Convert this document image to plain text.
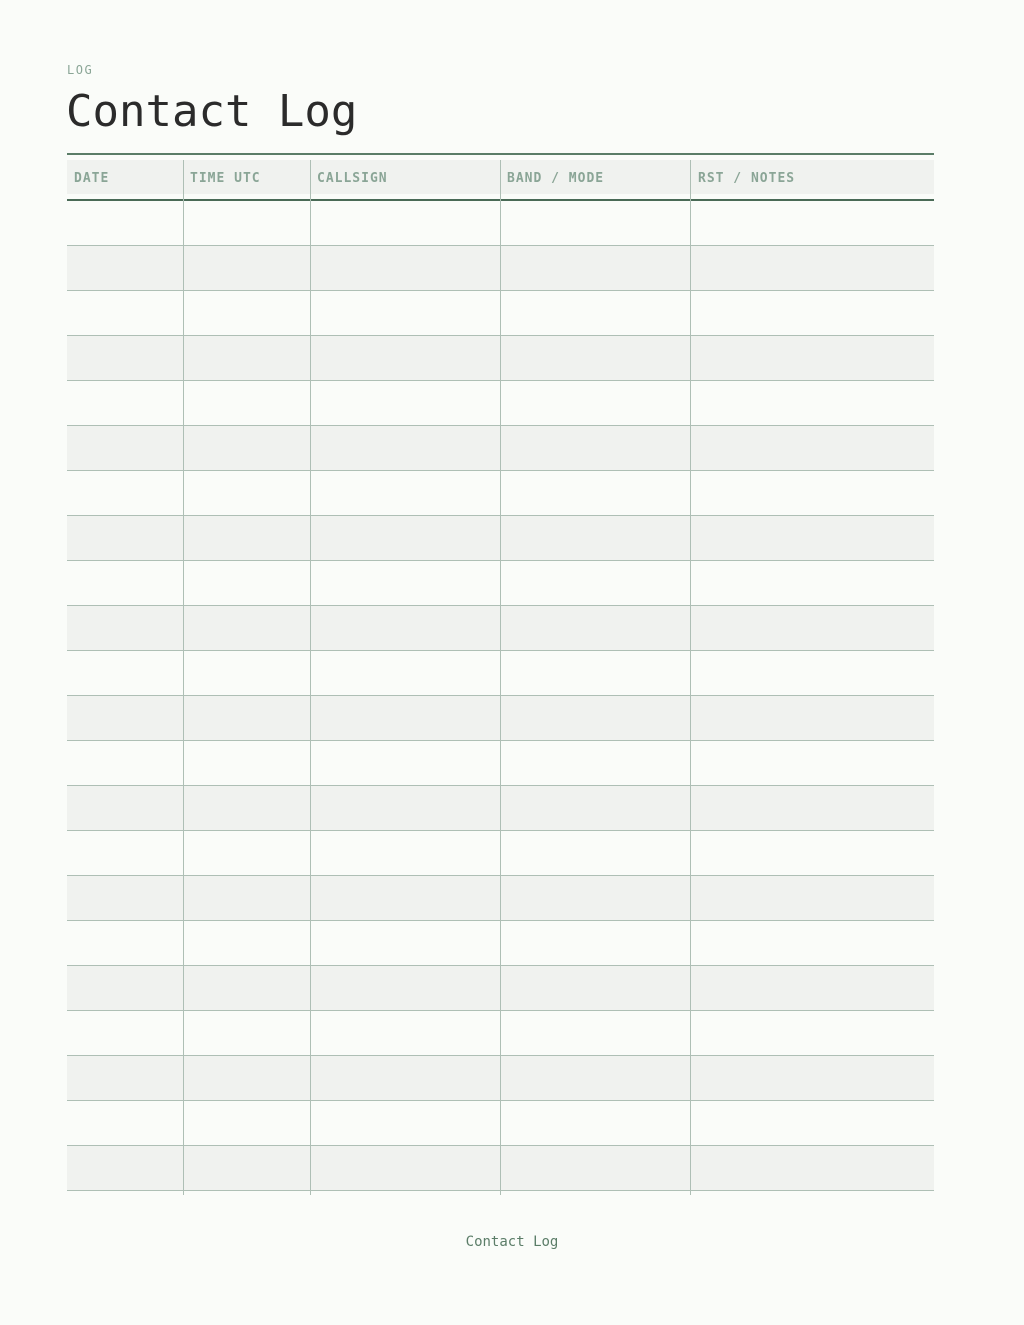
LOG
Contact Log
DATE	TIME UTC	CALLSIGN	BAND / MODE	RST / NOTES
Contact Log
